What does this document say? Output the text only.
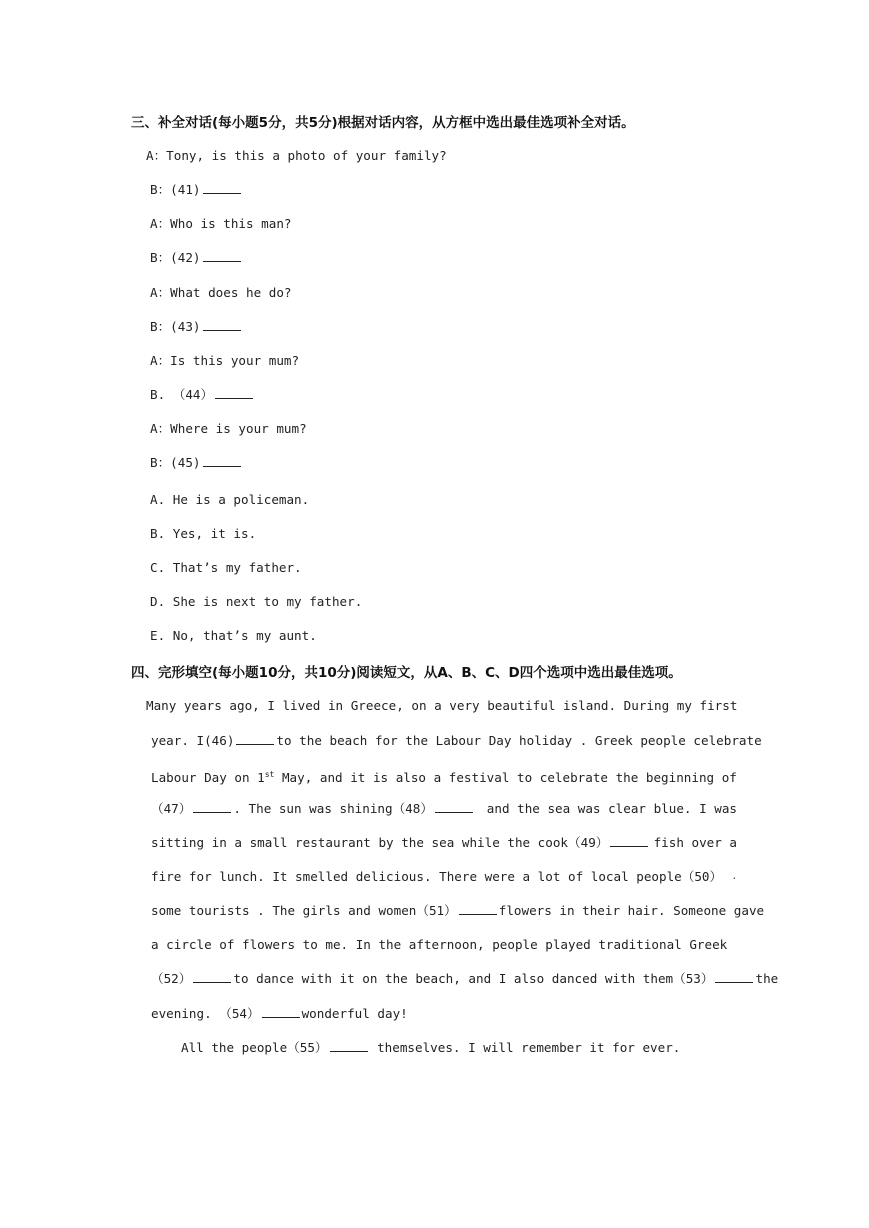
三、补全对话(每小题5分，共5分)根据对话内容，从方框中选出最佳选项补全对话。
A：Tony, is this a photo of your family?
B：(41)
A：Who is this man?
B：(42)
A：What does he do?
B：(43)
A：Is this your mum?
B. （44）
A：Where is your mum?
B：(45)
A. He is a policeman.
B. Yes, it is.
C. That’s my father.
D. She is next to my father.
E. No, that’s my aunt.
四、完形填空(每小题10分，共10分)阅读短文，从A、B、C、D四个选项中选出最佳选项。
Many years ago, I lived in Greece, on a very beautiful island. During my first
year. I(46)	to the beach for the Labour Day holiday . Greek people celebrate
Labour Day on 1st May, and it is also a festival to celebrate the beginning of
（47）	. The sun was shining（48）	and the sea was clear blue. I was
sitting in a small restaurant by the sea while the cook（49）	fish over a
fire for lunch. It smelled delicious. There were a lot of local people（50） .
some tourists . The girls and women（51）	flowers in their hair. Someone gave
a circle of flowers to me. In the afternoon, people played traditional Greek
（52）	to dance with it on the beach, and I also danced with them（53）	the
evening. （54）	wonderful day!
All the people（55）	themselves. I will remember it for ever.
